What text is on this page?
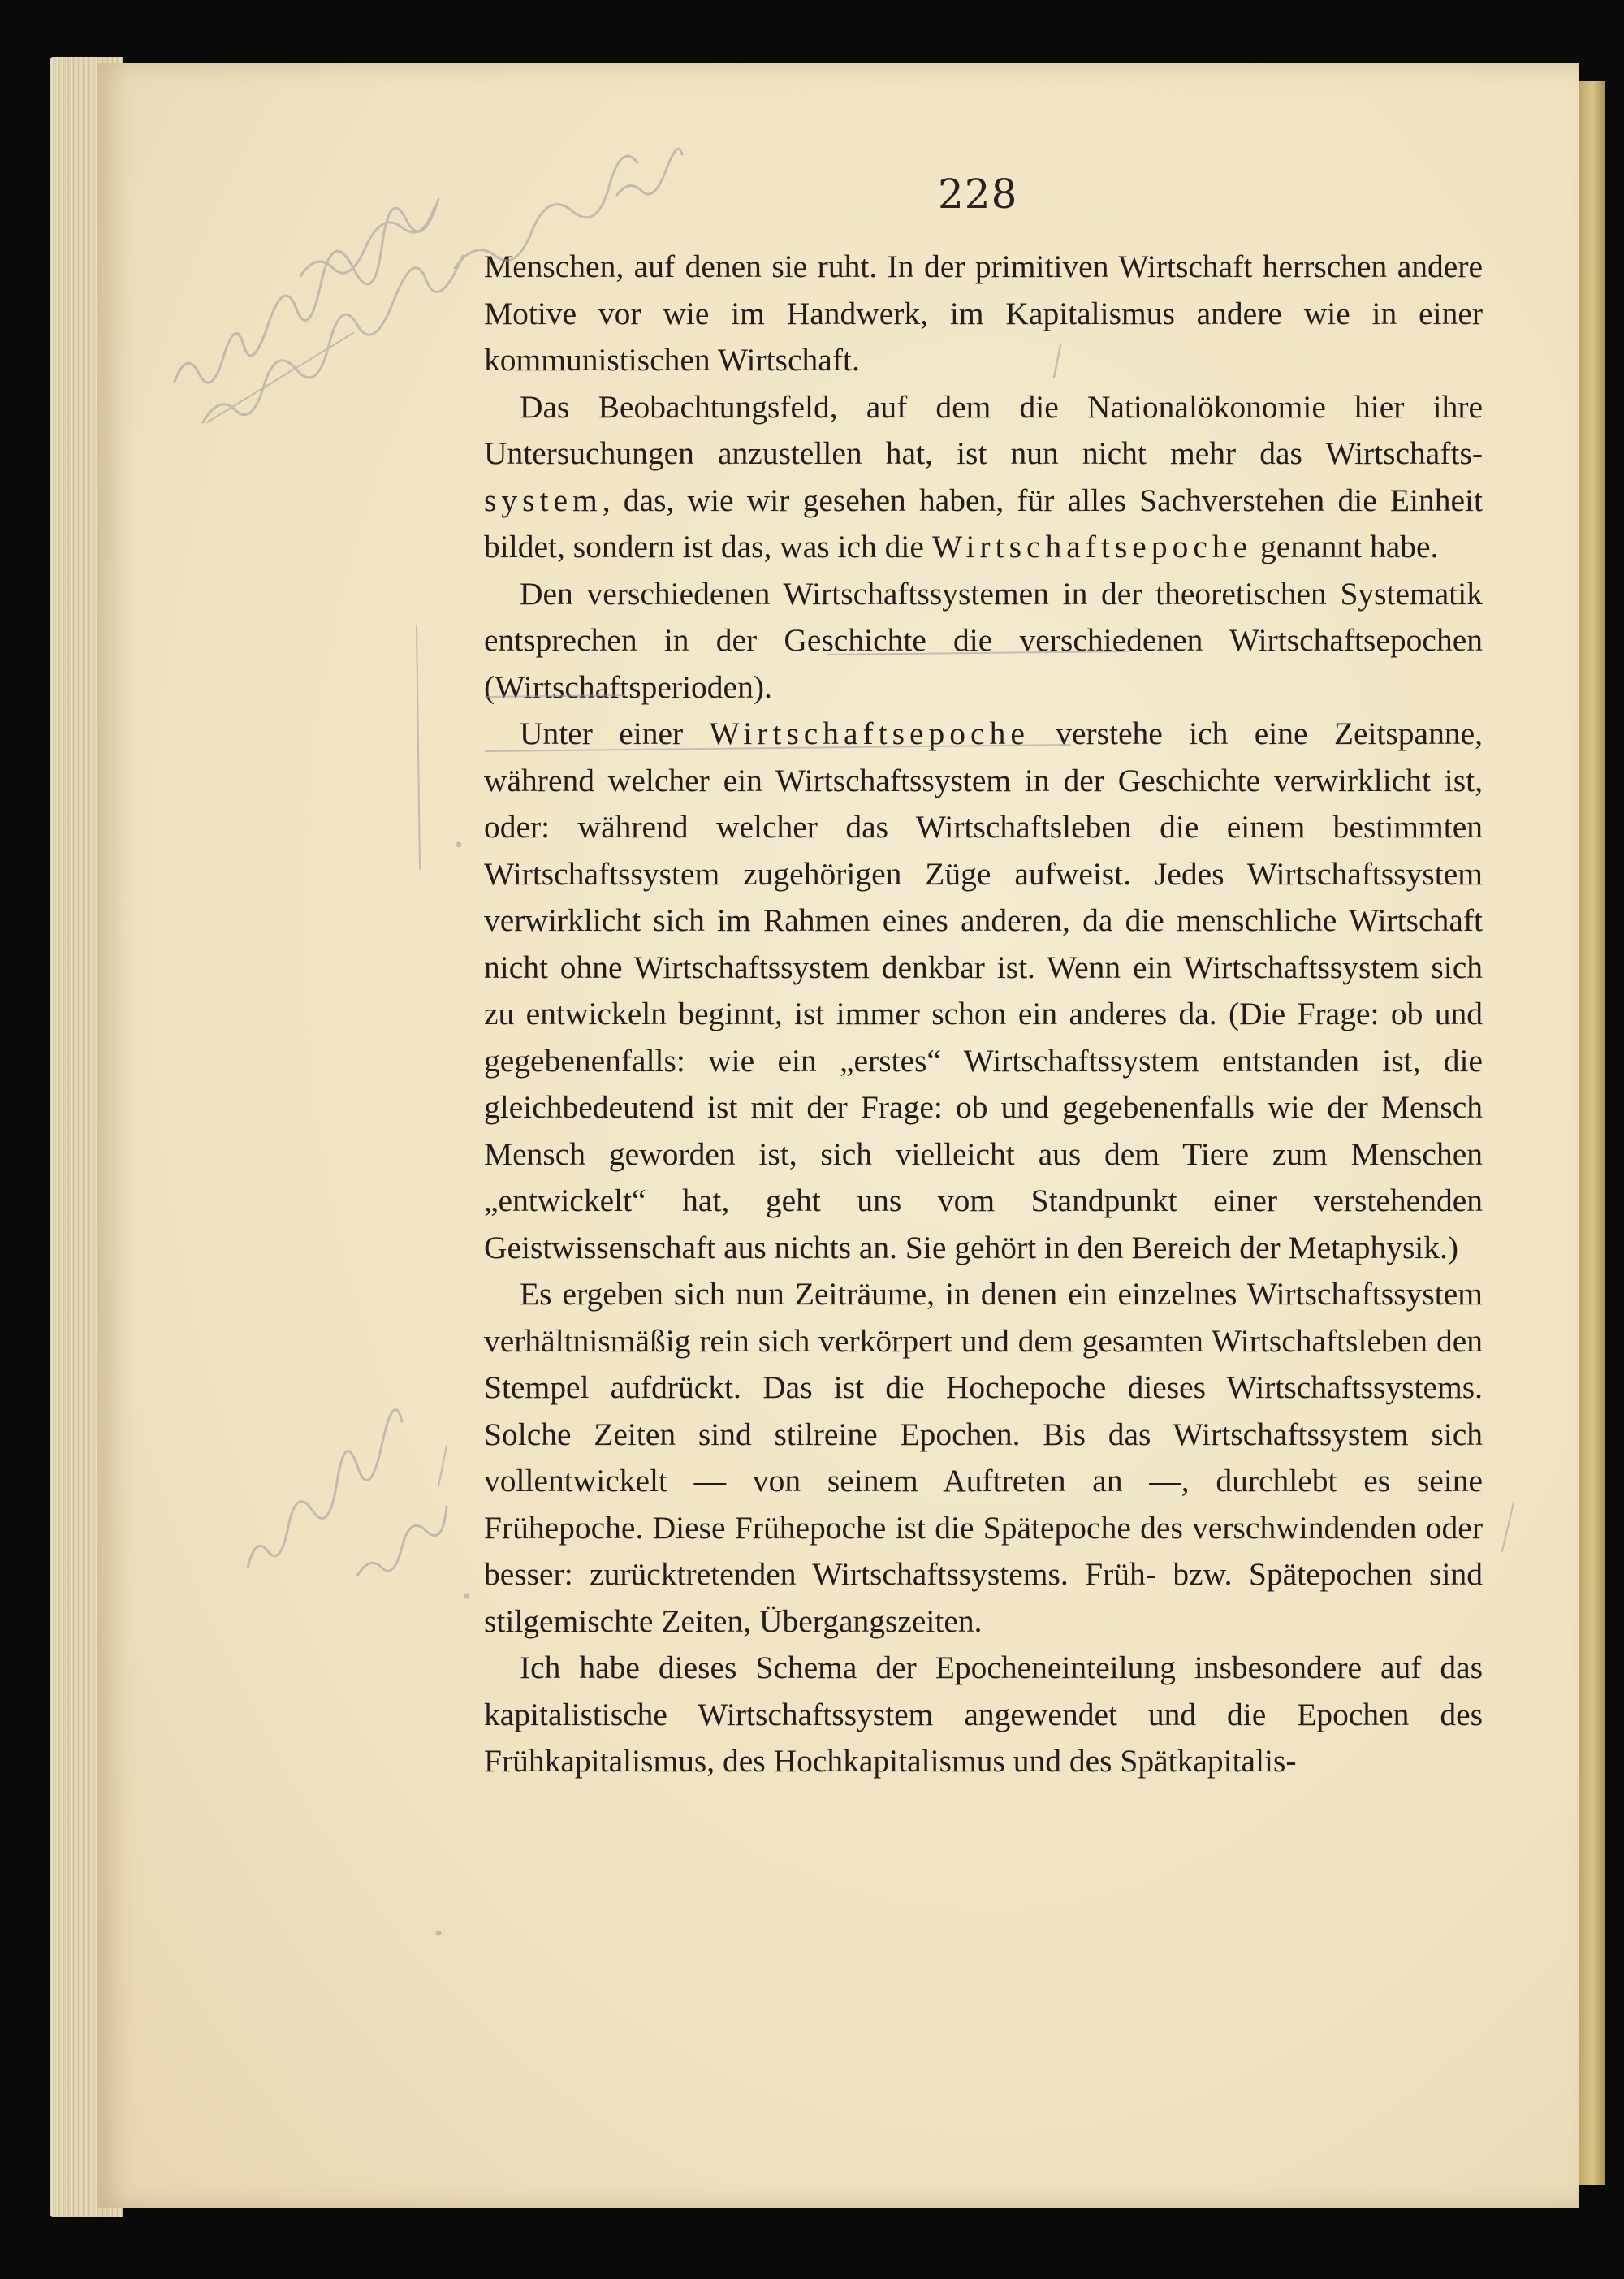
228

Menschen, auf denen sie ruht. In der primitiven Wirtschaft herrschen andere Motive vor wie im Handwerk, im Kapitalismus andere wie in einer kommunistischen Wirtschaft.

Das Beobachtungsfeld, auf dem die Nationalökonomie hier ihre Untersuchungen anzustellen hat, ist nun nicht mehr das Wirtschafts-system, das, wie wir gesehen haben, für alles Sachverstehen die Einheit bildet, sondern ist das, was ich die Wirtschaftsepoche genannt habe.

Den verschiedenen Wirtschaftssystemen in der theoretischen Systematik entsprechen in der Geschichte die verschiedenen Wirtschaftsepochen (Wirtschaftsperioden).

Unter einer Wirtschaftsepoche verstehe ich eine Zeitspanne, während welcher ein Wirtschaftssystem in der Geschichte verwirklicht ist, oder: während welcher das Wirtschaftsleben die einem bestimmten Wirtschaftssystem zugehörigen Züge aufweist. Jedes Wirtschaftssystem verwirklicht sich im Rahmen eines anderen, da die menschliche Wirtschaft nicht ohne Wirtschaftssystem denkbar ist. Wenn ein Wirtschaftssystem sich zu entwickeln beginnt, ist immer schon ein anderes da. (Die Frage: ob und gegebenenfalls: wie ein „erstes“ Wirtschaftssystem entstanden ist, die gleichbedeutend ist mit der Frage: ob und gegebenenfalls wie der Mensch Mensch geworden ist, sich vielleicht aus dem Tiere zum Menschen „entwickelt“ hat, geht uns vom Standpunkt einer verstehenden Geistwissenschaft aus nichts an. Sie gehört in den Bereich der Metaphysik.)

Es ergeben sich nun Zeiträume, in denen ein einzelnes Wirtschaftssystem verhältnismäßig rein sich verkörpert und dem gesamten Wirtschaftsleben den Stempel aufdrückt. Das ist die Hochepoche dieses Wirtschaftssystems. Solche Zeiten sind stilreine Epochen. Bis das Wirtschaftssystem sich vollentwickelt — von seinem Auftreten an —, durchlebt es seine Frühepoche. Diese Frühepoche ist die Spätepoche des verschwindenden oder besser: zurücktretenden Wirtschaftssystems. Früh- bzw. Spätepochen sind stilgemischte Zeiten, Übergangszeiten.

Ich habe dieses Schema der Epocheneinteilung insbesondere auf das kapitalistische Wirtschaftssystem angewendet und die Epochen des Frühkapitalismus, des Hochkapitalismus und des Spätkapitalis-
